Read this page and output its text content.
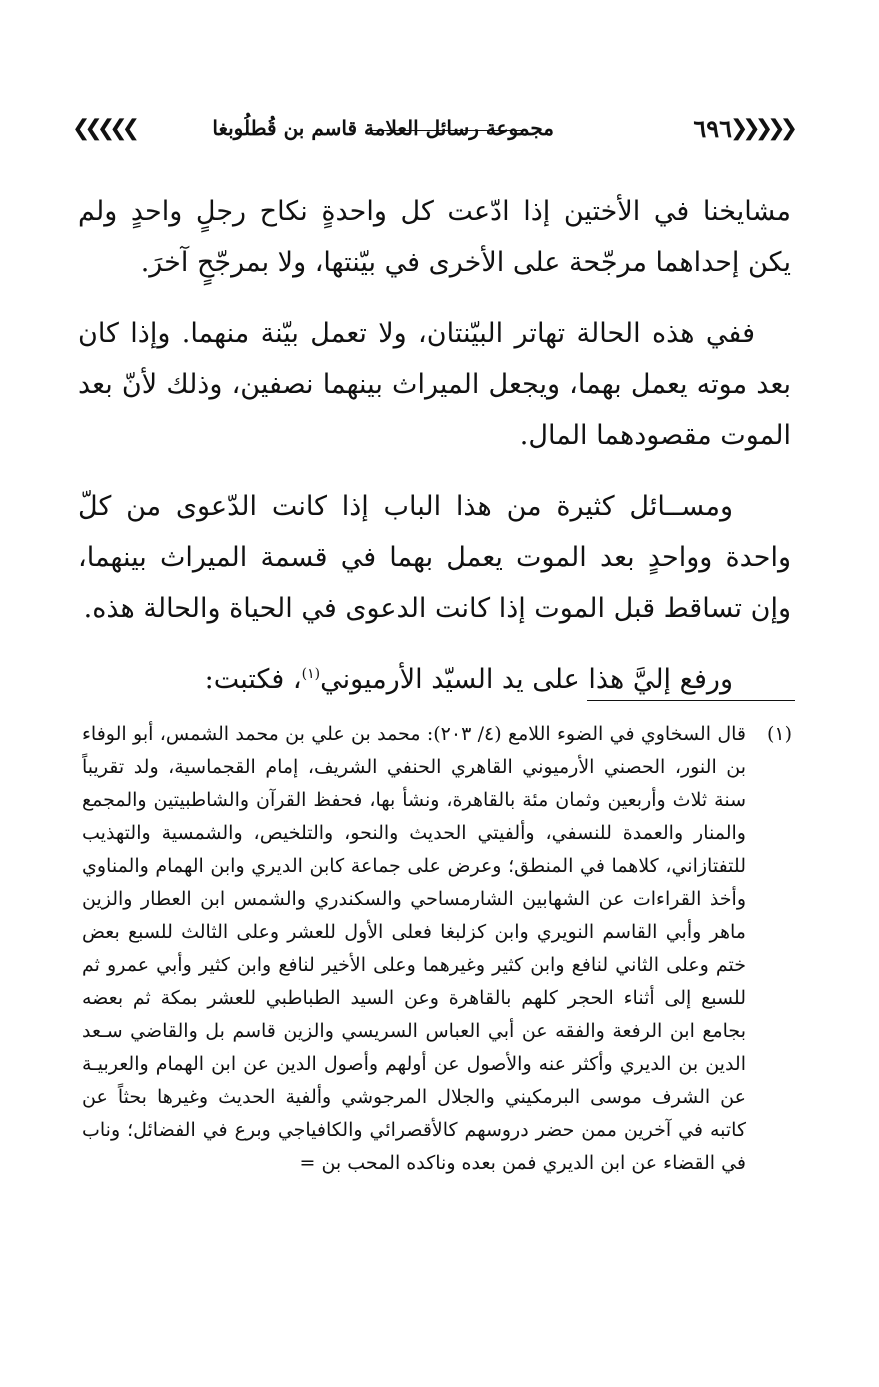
❯❯❯❯❯
٦٩٦
مجموعة رسائل العلامة قاسم بن قُطلُوبغا
❮❮❮❮❮

مشايخنا في الأختين إذا ادّعت كل واحدةٍ نكاح رجلٍ واحدٍ ولم يكن إحداهما مرجّحة على الأخرى في بيّنتها، ولا بمرجّحٍ آخرَ.

ففي هذه الحالة تهاتر البيّنتان، ولا تعمل بيّنة منهما. وإذا كان بعد موته يعمل بهما، ويجعل الميراث بينهما نصفين، وذلك لأنّ بعد الموت مقصودهما المال.

ومســائل كثيرة من هذا الباب إذا كانت الدّعوى من كلّ واحدة وواحدٍ بعد الموت يعمل بهما في قسمة الميراث بينهما، وإن تساقط قبل الموت إذا كانت الدعوى في الحياة والحالة هذه.

ورفع إليَّ هذا على يد السيّد الأرميوني$^{(١)}$، فكتبت:

(١)
قال السخاوي في الضوء اللامع (٤/ ٢٠٣): محمد بن علي بن محمد الشمس، أبو الوفاء بن النور، الحصني الأرميوني القاهري الحنفي الشريف، إمام القجماسية، ولد تقريباً سنة ثلاث وأربعين وثمان مئة بالقاهرة، ونشأ بها، فحفظ القرآن والشاطبيتين والمجمع والمنار والعمدة للنسفي، وألفيتي الحديث والنحو، والتلخيص، والشمسية والتهذيب للتفتازاني، كلاهما في المنطق؛ وعرض على جماعة كابن الديري وابن الهمام والمناوي وأخذ القراءات عن الشهابين الشارمساحي والسكندري والشمس ابن العطار والزين ماهر وأبي القاسم النويري وابن كزلبغا فعلى الأول للعشر وعلى الثالث للسبع بعض ختم وعلى الثاني لنافع وابن كثير وغيرهما وعلى الأخير لنافع وابن كثير وأبي عمرو ثم للسبع إلى أثناء الحجر كلهم بالقاهرة وعن السيد الطباطبي للعشر بمكة ثم بعضه بجامع ابن الرفعة والفقه عن أبي العباس السريسي والزين قاسم بل والقاضي سـعد الدين بن الديري وأكثر عنه والأصول عن أولهم وأصول الدين عن ابن الهمام والعربيـة عن الشرف موسى البرمكيني والجلال المرجوشي وألفية الحديث وغيرها بحثاً عن كاتبه في آخرين ممن حضر دروسهم كالأقصرائي والكافياجي وبرع في الفضائل؛ وناب في القضاء عن ابن الديري فمن بعده وناكده المحب بن =
